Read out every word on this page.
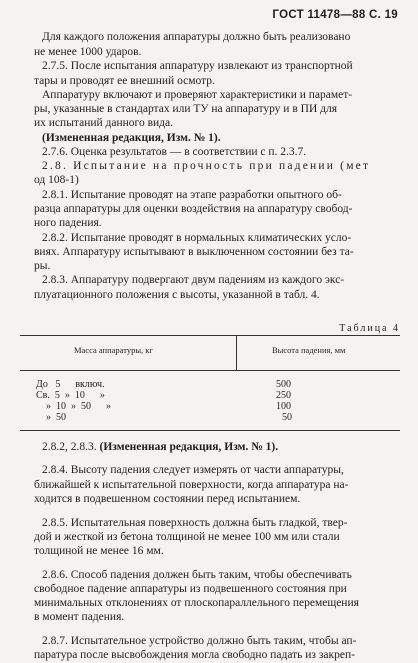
ГОСТ 11478—88 С. 19
Для каждого положения аппаратуры должно быть реализовано
не менее 1000 ударов.
2.7.5. После испытания аппаратуру извлекают из транспортной
тары и проводят ее внешний осмотр.
Аппаратуру включают и проверяют характеристики и парамет-
ры, указанные в стандартах или ТУ на аппаратуру и в ПИ для
их испытаний данного вида.
(Измененная редакция, Изм. № 1).
2.7.6. Оценка результатов — в соответствии с п. 2.3.7.
2.8. Испытание на прочность при падении (мет
од 108-1)
2.8.1. Испытание проводят на этапе разработки опытного об-
разца аппаратуры для оценки воздействия на аппаратуру свобод-
ного падения.
2.8.2. Испытание проводят в нормальных климатических усло-
виях. Аппаратуру испытывают в выключенном состоянии без та-
ры.
2.8.3. Аппаратуру подвергают двум падениям из каждого экс-
плуатационного положения с высоты, указанной в табл. 4.
Таблица 4
Масса аппаратуры, кг	Высота падения, мм
До   5      включ.	500
Св.  5  »  10      »	250
»  10  »  50      »	100
»  50	50
2.8.2, 2.8.3. (Измененная редакция, Изм. № 1).
2.8.4. Высоту падения следует измерять от части аппаратуры,
ближайшей к испытательной поверхности, когда аппаратура на-
ходится в подвешенном состоянии перед испытанием.
2.8.5. Испытательная поверхность должна быть гладкой, твер-
дой и жесткой из бетона толщиной не менее 100 мм или стали
толщиной не менее 16 мм.
2.8.6. Способ падения должен быть таким, чтобы обеспечивать
свободное падение аппаратуры из подвешенного состояния при
минимальных отклонениях от плоскопараллельного перемещения
в момент падения.
2.8.7. Испытательное устройство должно быть таким, чтобы ап-
паратура после высвобождения могла свободно падать из закреп-
